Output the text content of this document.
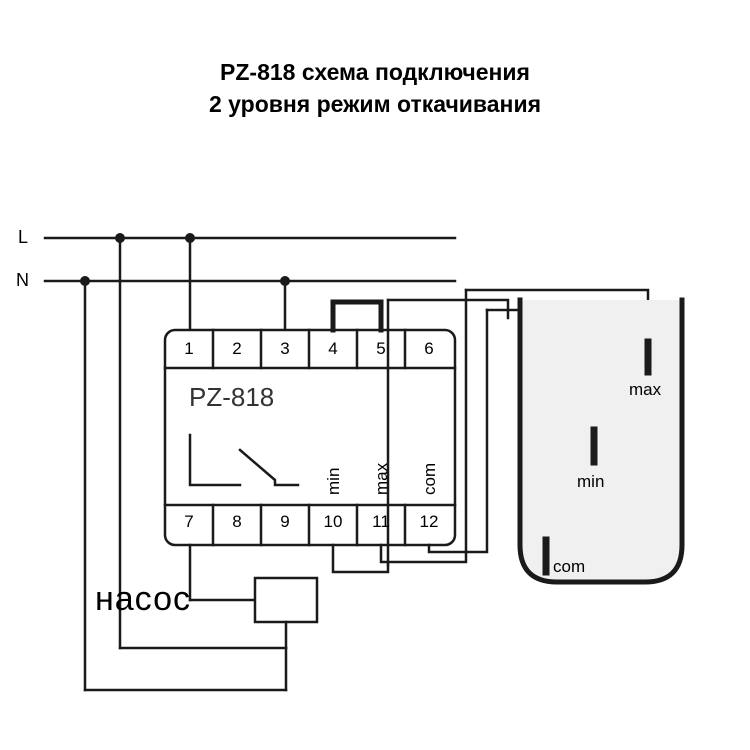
PZ-818 схема подключения
2 уровня режим откачивания
L
N
PZ-818
1	2	3	4	5	6
7	8	9	10	11	12
min max com
насос
max
min
com
